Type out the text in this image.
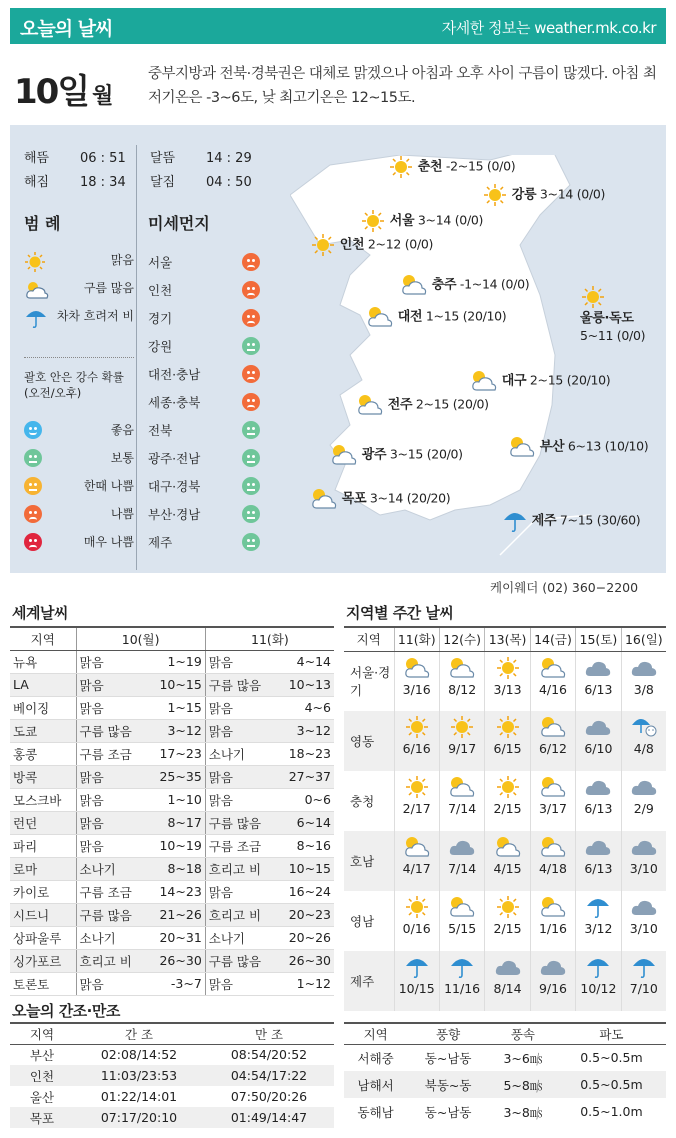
오늘의 날씨	자세한 정보는 weather.mk.co.kr
10일 월
중부지방과 전북·경북권은 대체로 맑겠으나 아침과 오후 사이 구름이 많겠다. 아침 최저기온은 -3~6도, 낮 최고기온은 12~15도.
해뜸 06 : 51
해짐 18 : 34
달뜸 14 : 29
달짐 04 : 50
범 례	미세먼지
맑음
구름 많음
차차 흐려저 비
괄호 안은 강수 확률 (오전/오후)
좋음
보통
한때 나쁨
나쁨
매우 나쁨
서울
인천
경기
강원
대전·충남
세종·충북
전북
광주·전남
대구·경북
부산·경남
제주
춘천 -2~15 (0/0)
강릉 3~14 (0/0)
서울 3~14 (0/0)
인천 2~12 (0/0)
충주 -1~14 (0/0)

울릉·독도
5~11 (0/0)
대전 1~15 (20/10)
대구 2~15 (20/10)
전주 2~15 (20/0)
광주 3~15 (20/0)	부산 6~13 (10/10)
목포 3~14 (20/20)
제주 7~15 (30/60)
케이웨더 (02) 360−2200
세계날씨
지역	10(월)		11(화)	
뉴욕	맑음	1~19	맑음	4~14
LA	맑음	10~15	구름 많음	10~13
베이징	맑음	1~15	맑음	4~6
도쿄	구름 많음	3~12	맑음	3~12
홍콩	구름 조금	17~23	소나기	18~23
방콕	맑음	25~35	맑음	27~37
모스크바	맑음	1~10	맑음	0~6
런던	맑음	8~17	구름 많음	6~14
파리	맑음	10~19	구름 조금	8~16
로마	소나기	8~18	흐리고 비	10~15
카이로	구름 조금	14~23	맑음	16~24
시드니	구름 많음	21~26	흐리고 비	20~23
상파울루	소나기	20~31	소나기	20~26
싱가포르	흐리고 비	26~30	구름 많음	26~30
토론토	맑음	-3~7	맑음	1~12
지역별 주간 날씨
지역	11(화)	12(수)	13(목)	14(금)	15(토)	16(일)
서울·경기	3/16	8/12	3/13	4/16	6/13	3/8

영동	6/16	9/17	6/15	6/12	6/10	4/8

충청	2/17	7/14	2/15	3/17	6/13	2/9

호남	4/17	7/14	4/15	4/18	6/13	3/10

영남	0/16	5/15	2/15	1/16	3/12	3/10

제주	10/15	11/16	8/14	9/16	10/12	7/10
오늘의 간조·만조
지역	간 조	만 조
부산	02:08/14:52	08:54/20:52
인천	11:03/23:53	04:54/17:22
울산	01:22/14:01	07:50/20:26
목포	07:17/20:10	01:49/14:47
지역	풍향	풍속	파도
서해중	동~남동	3~6㎧	0.5~0.5m
남해서	북동~동	5~8㎧	0.5~0.5m
동해남	동~남동	3~8㎧	0.5~1.0m
